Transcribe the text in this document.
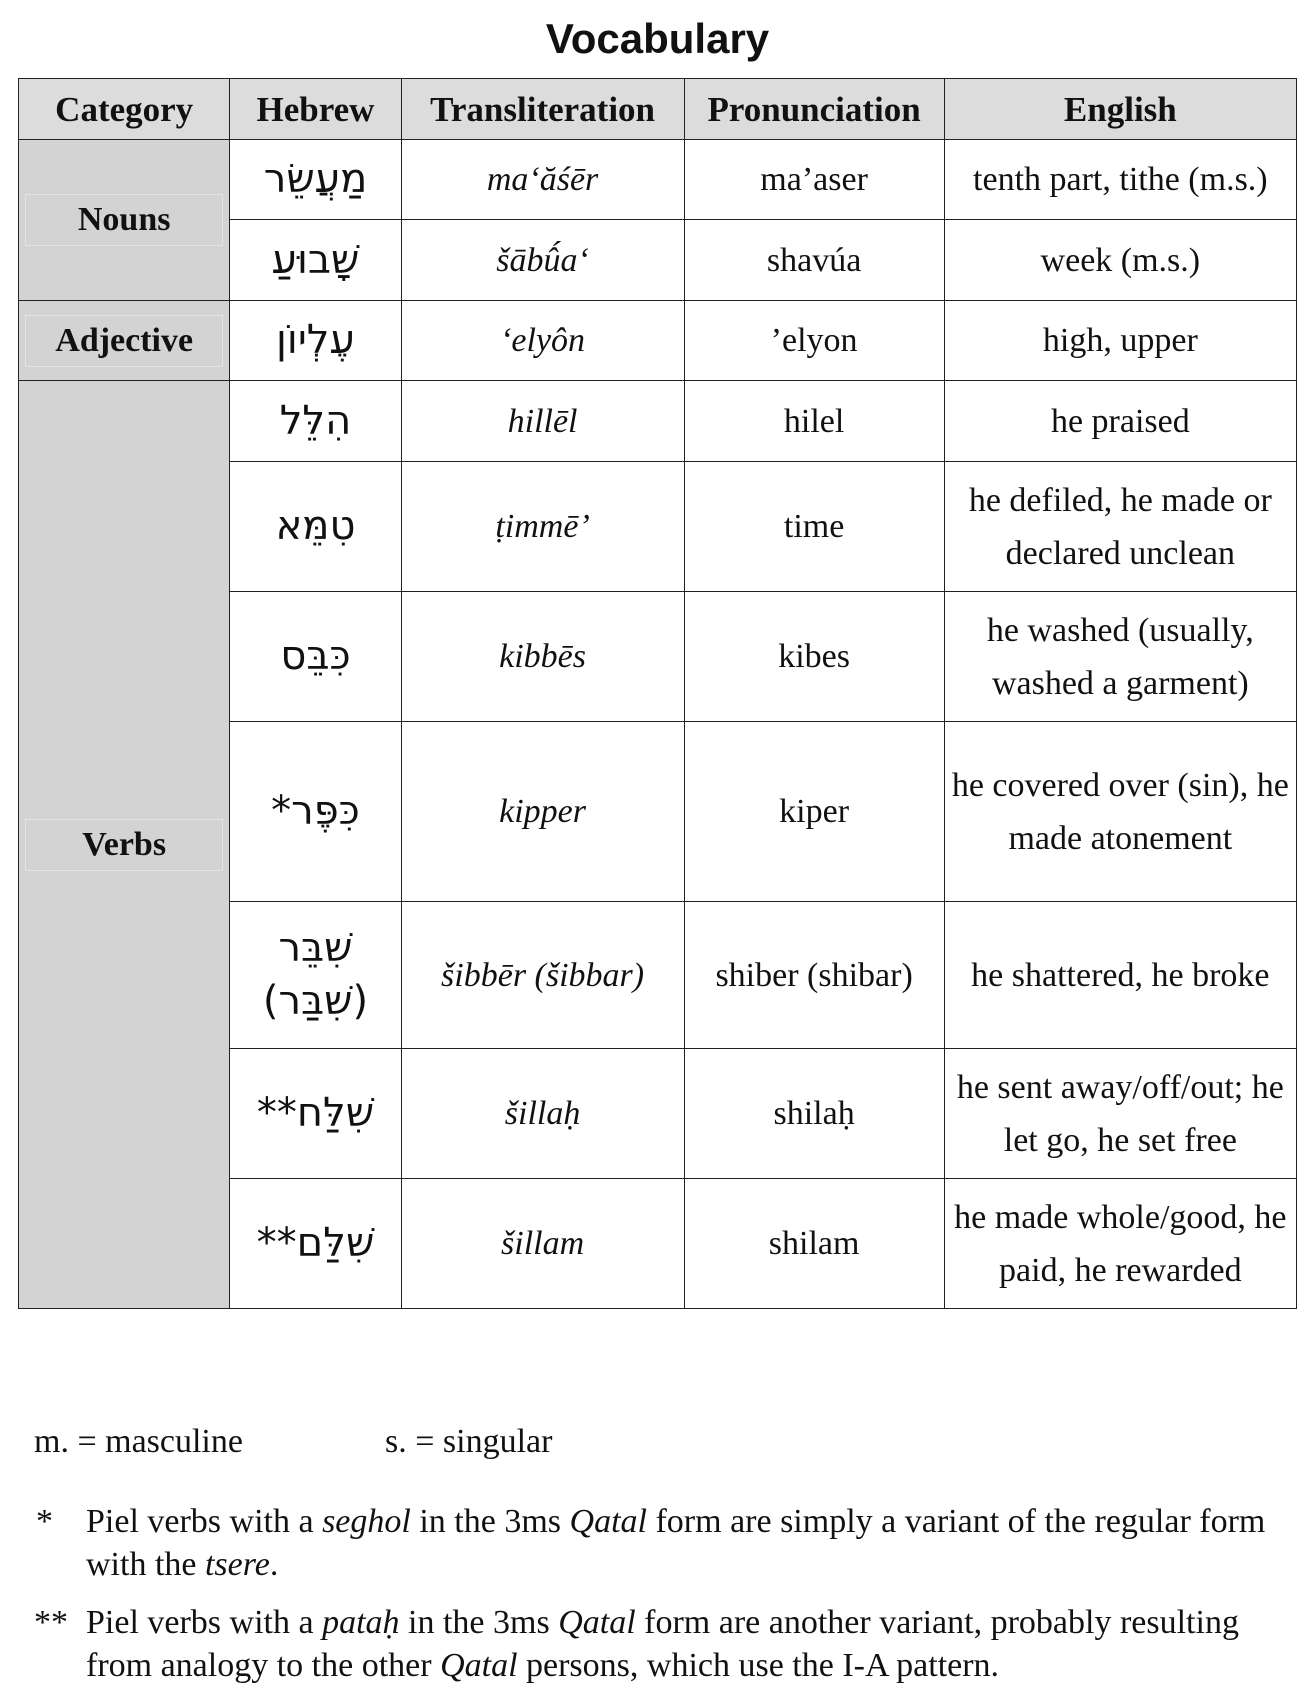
Vocabulary
Category	Hebrew	Transliteration	Pronunciation	English

Nouns	מַעֲשֵׂר	ma‘ăśēr	ma’aser	tenth part, tithe (m.s.)
	שָׁבוּעַ	šābû́a‘	shavúa	week (m.s.)

Adjective	עֶלְיוֹן	‘elyôn	’elyon	high, upper

Verbs	הִלֵּל	hillēl	hilel	he praised
	טִמֵּא	ṭimmē’	time	he defiled, he made or declared unclean
	כִּבֵּס	kibbēs	kibes	he washed (usually, washed a garment)
	כִּפֶּר*	kipper	kiper	he covered over (sin), he made atonement
	שִׁבֵּר (שִׁבַּר)	šibbēr (šibbar)	shiber (shibar)	he shattered, he broke
	שִׁלַּח**	šillaḥ	shilaḥ	he sent away/off/out; he let go, he set free
	שִׁלַּם**	šillam	shilam	he made whole/good, he paid, he rewarded
m. = masculine	s. = singular
* Piel verbs with a seghol in the 3ms Qatal form are simply a variant of the regular form with the tsere.
** Piel verbs with a pataḥ in the 3ms Qatal form are another variant, probably resulting from analogy to the other Qatal persons, which use the I-A pattern.
